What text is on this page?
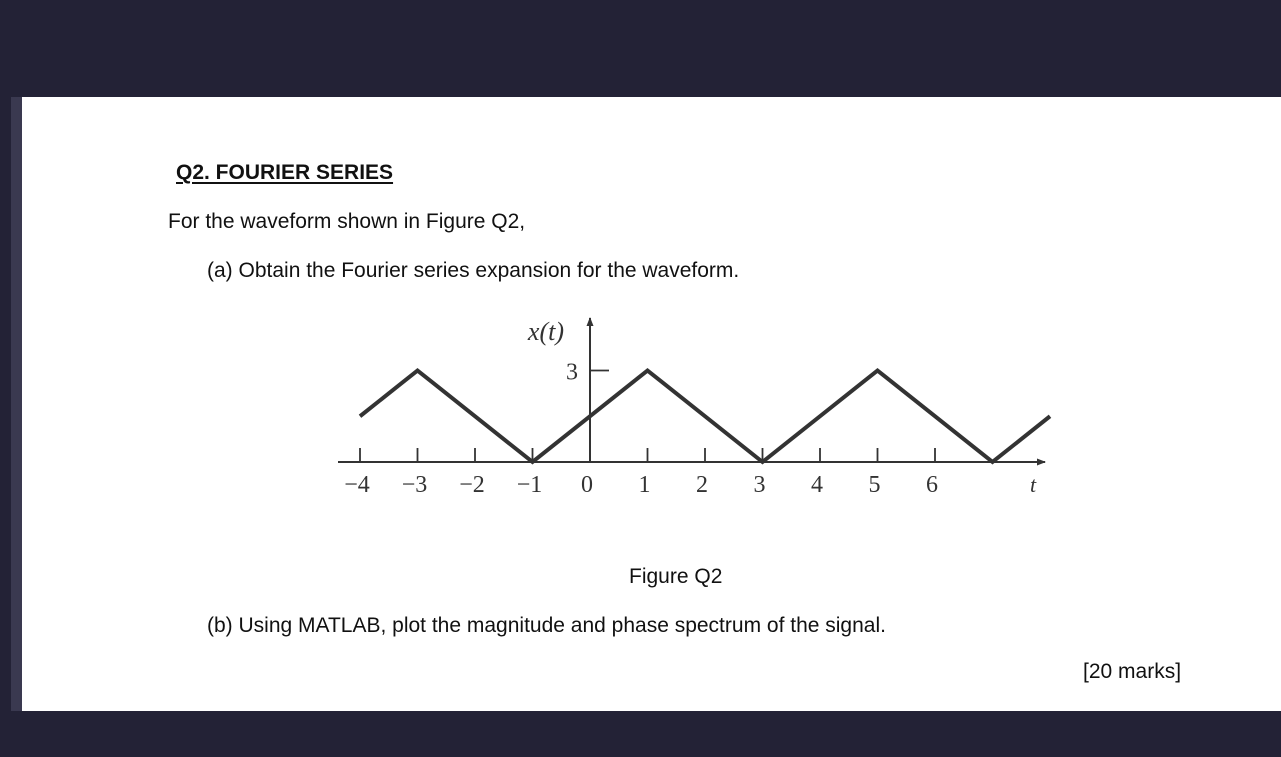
Q2. FOURIER SERIES

For the waveform shown in Figure Q2,

(a) Obtain the Fourier series expansion for the waveform.

−4 −3 −2 −1 0 1 2 3 4 5 6
3
x(t)
t

Figure Q2

(b) Using MATLAB, plot the magnitude and phase spectrum of the signal.

[20 marks]
